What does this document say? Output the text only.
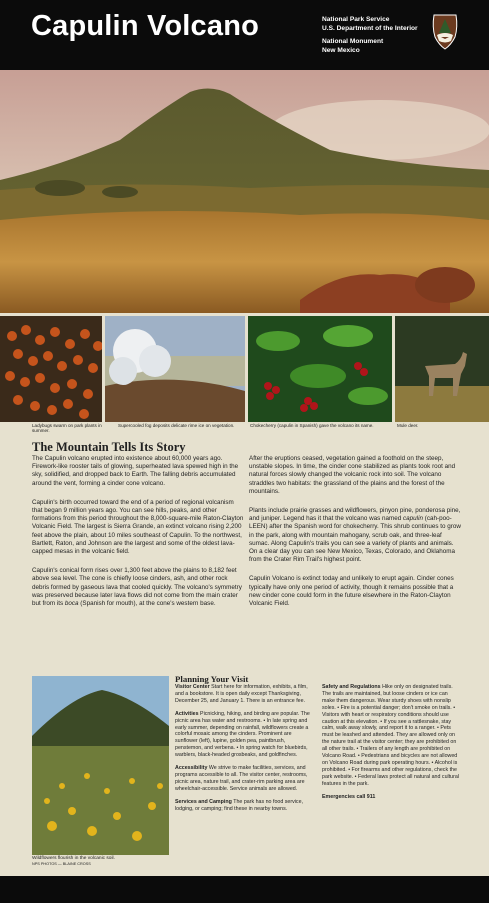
Capulin Volcano	National Park Service
U.S. Department of the Interior
National Monument
New Mexico
Ladybugs swarm on park plants in summer.
Supercooled fog deposits delicate rime ice on vegetation.	Chokecherry (capulin in Spanish) gave the volcano its name.	Mule deer.
The Mountain Tells Its Story

The Capulin volcano erupted into existence about 60,000 years ago. Firework-like rooster tails of glowing, superheated lava spewed high in the sky, solidified, and dropped back to Earth. The falling debris accumulated around the vent, forming a cinder cone volcano.

Capulin's birth occurred toward the end of a period of regional volcanism that began 9 million years ago. You can see hills, peaks, and other formations from this period throughout the 8,000-square-mile Raton-Clayton Volcanic Field. The largest is Sierra Grande, an extinct volcano rising 2,200 feet above the plain, about 10 miles southeast of Capulin. To the northwest, Bartlett, Raton, and Johnson are the largest and some of the oldest lava-capped mesas in the volcanic field.

Capulin's conical form rises over 1,300 feet above the plains to 8,182 feet above sea level. The cone is chiefly loose cinders, ash, and other rock debris formed by gaseous lava that cooled quickly. The volcano's symmetry was preserved because later lava flows did not come from the main crater but from its boca (Spanish for mouth), at the cone's western base.

After the eruptions ceased, vegetation gained a foothold on the steep, unstable slopes. In time, the cinder cone stabilized as plants took root and natural forces slowly changed the volcanic rock into soil. The volcano straddles two habitats: the grassland of the plains and the forest of the mountains.

Plants include prairie grasses and wildflowers, pinyon pine, ponderosa pine, and juniper. Legend has it that the volcano was named capulin (cah-poo-LEEN) after the Spanish word for chokecherry. This shrub continues to grow in the park, along with mountain mahogany, scrub oak, and three-leaf sumac. Along Capulin's trails you can see a variety of plants and animals. On a clear day you can see New Mexico, Texas, Colorado, and Oklahoma from the Crater Rim Trail's highest point.

Capulin Volcano is extinct today and unlikely to erupt again. Cinder cones typically have only one period of activity, though it remains possible that a new cinder cone could form in the future elsewhere in the Raton-Clayton Volcanic Field.

Wildflowers flourish in the volcanic soil.
NPS PHOTOS — BLAINE CROSS
Planning Your Visit

Visitor Center Start here for information, exhibits, a film, and a bookstore. It is open daily except Thanksgiving, December 25, and January 1. There is an entrance fee.

Activities Picnicking, hiking, and birding are popular. The picnic area has water and restrooms. • In late spring and early summer, depending on rainfall, wildflowers create a colorful mosaic among the cinders. Prominent are sunflower (left), lupine, golden pea, paintbrush, penstemon, and verbena. • In spring watch for bluebirds, warblers, black-headed grosbeaks, and goldfinches.

Accessibility We strive to make facilities, services, and programs accessible to all. The visitor center, restrooms, picnic area, nature trail, and crater-rim parking area are wheelchair-accessible. Service animals are allowed.

Services and Camping The park has no food service, lodging, or camping; find these in nearby towns.

Safety and Regulations Hike only on designated trails. The trails are maintained, but loose cinders or ice can make them dangerous. Wear sturdy shoes with nonslip soles. • Fire is a potential danger; don't smoke on trails. • Visitors with heart or respiratory conditions should use caution at this elevation. • If you see a rattlesnake, stay calm, walk away slowly, and report it to a ranger. • Pets must be leashed and attended. They are allowed only on the nature trail at the visitor center; they are prohibited on all other trails. • Trailers of any length are prohibited on Volcano Road. • Pedestrians and bicycles are not allowed on Volcano Road during park operating hours. • Alcohol is prohibited. • For firearms and other regulations, check the park website. • Federal laws protect all natural and cultural features in the park.

Emergencies call 911
